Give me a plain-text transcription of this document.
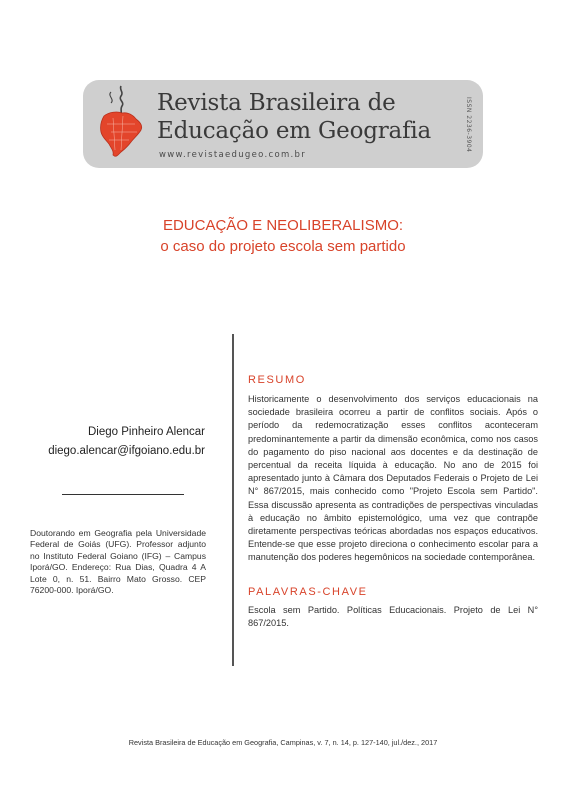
Revista Brasileira de
Educação em Geografia
www.revistaedugeo.com.br
ISSN 2236-3904
EDUCAÇÃO E NEOLIBERALISMO:
o caso do projeto escola sem partido
Diego Pinheiro Alencar
diego.alencar@ifgoiano.edu.br
Doutorando em Geografia pela Universidade Federal de Goiás (UFG). Professor adjunto no Instituto Federal Goiano (IFG) – Campus Iporá/GO. Endereço: Rua Dias, Quadra 4 A Lote 0, n. 51. Bairro Mato Grosso. CEP 76200-000. Iporá/GO.
RESUMO
Historicamente o desenvolvimento dos serviços educacionais na sociedade brasileira ocorreu a partir de conflitos sociais. Após o período da redemocratização esses conflitos aconteceram predominantemente a partir da dimensão econômica, como nos casos do pagamento do piso nacional aos docentes e da destinação de percentual da receita líquida à educação. No ano de 2015 foi apresentado junto à Câmara dos Deputados Federais o Projeto de Lei N° 867/2015, mais conhecido como "Projeto Escola sem Partido". Essa discussão apresenta as contradições de perspectivas vinculadas à educação no âmbito epistemológico, uma vez que contrapõe diretamente perspectivas teóricas abordadas nos espaços educativos. Entende-se que esse projeto direciona o conhecimento escolar para a manutenção dos poderes hegemônicos na sociedade contemporânea.
PALAVRAS-CHAVE
Escola sem Partido. Políticas Educacionais. Projeto de Lei N° 867/2015.
Revista Brasileira de Educação em Geografia, Campinas, v. 7, n. 14, p. 127-140, jul./dez., 2017
